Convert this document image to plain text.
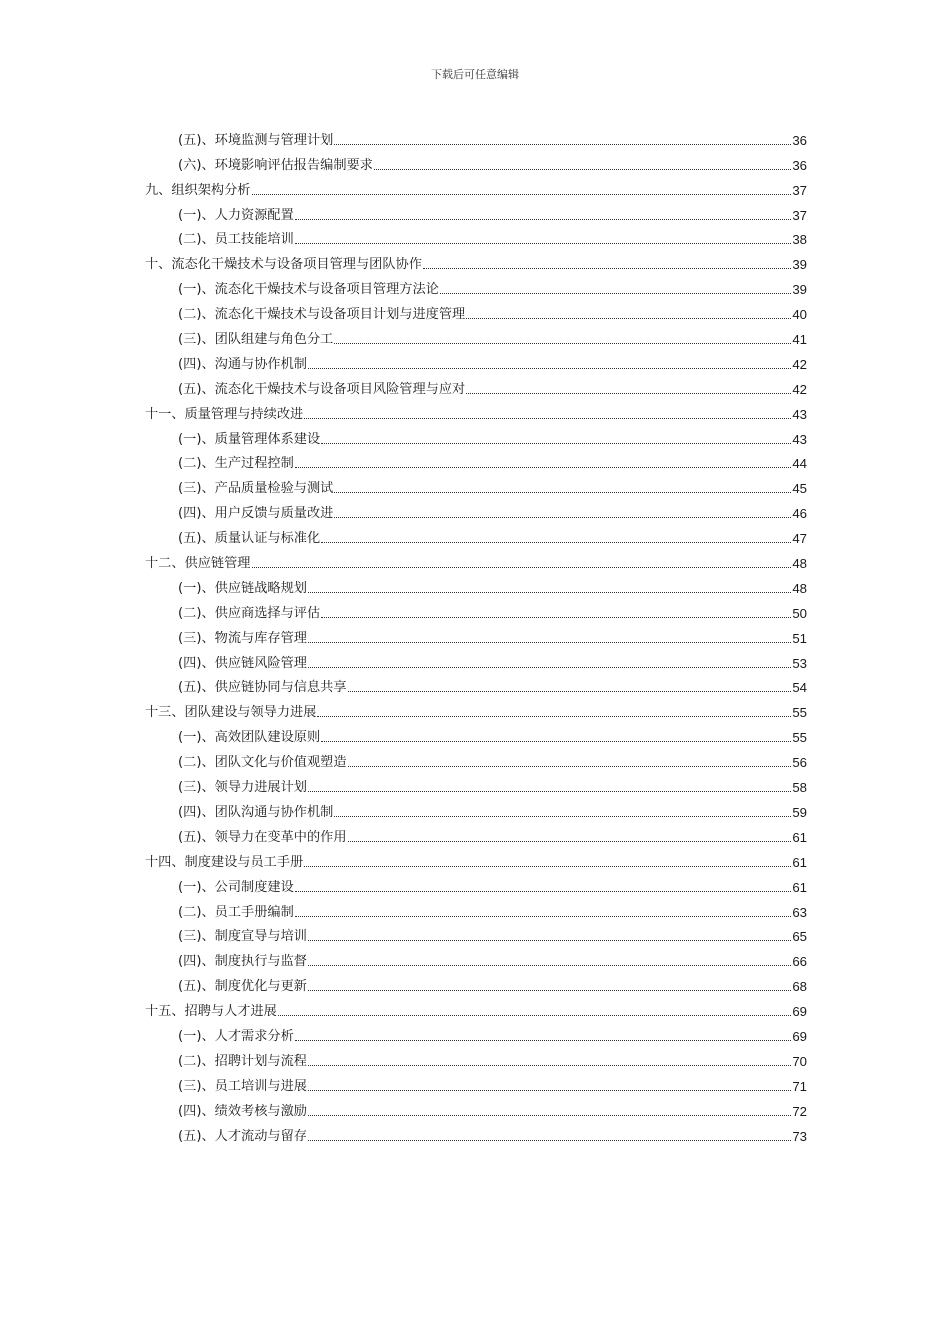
下载后可任意编辑
(五)、环境监测与管理计划	36
(六)、环境影响评估报告编制要求	36
九、组织架构分析	37
(一)、人力资源配置	37
(二)、员工技能培训	38
十、流态化干燥技术与设备项目管理与团队协作	39
(一)、流态化干燥技术与设备项目管理方法论	39
(二)、流态化干燥技术与设备项目计划与进度管理	40
(三)、团队组建与角色分工	41
(四)、沟通与协作机制	42
(五)、流态化干燥技术与设备项目风险管理与应对	42
十一、质量管理与持续改进	43
(一)、质量管理体系建设	43
(二)、生产过程控制	44
(三)、产品质量检验与测试	45
(四)、用户反馈与质量改进	46
(五)、质量认证与标准化	47
十二、供应链管理	48
(一)、供应链战略规划	48
(二)、供应商选择与评估	50
(三)、物流与库存管理	51
(四)、供应链风险管理	53
(五)、供应链协同与信息共享	54
十三、团队建设与领导力进展	55
(一)、高效团队建设原则	55
(二)、团队文化与价值观塑造	56
(三)、领导力进展计划	58
(四)、团队沟通与协作机制	59
(五)、领导力在变革中的作用	61
十四、制度建设与员工手册	61
(一)、公司制度建设	61
(二)、员工手册编制	63
(三)、制度宣导与培训	65
(四)、制度执行与监督	66
(五)、制度优化与更新	68
十五、招聘与人才进展	69
(一)、人才需求分析	69
(二)、招聘计划与流程	70
(三)、员工培训与进展	71
(四)、绩效考核与激励	72
(五)、人才流动与留存	73
